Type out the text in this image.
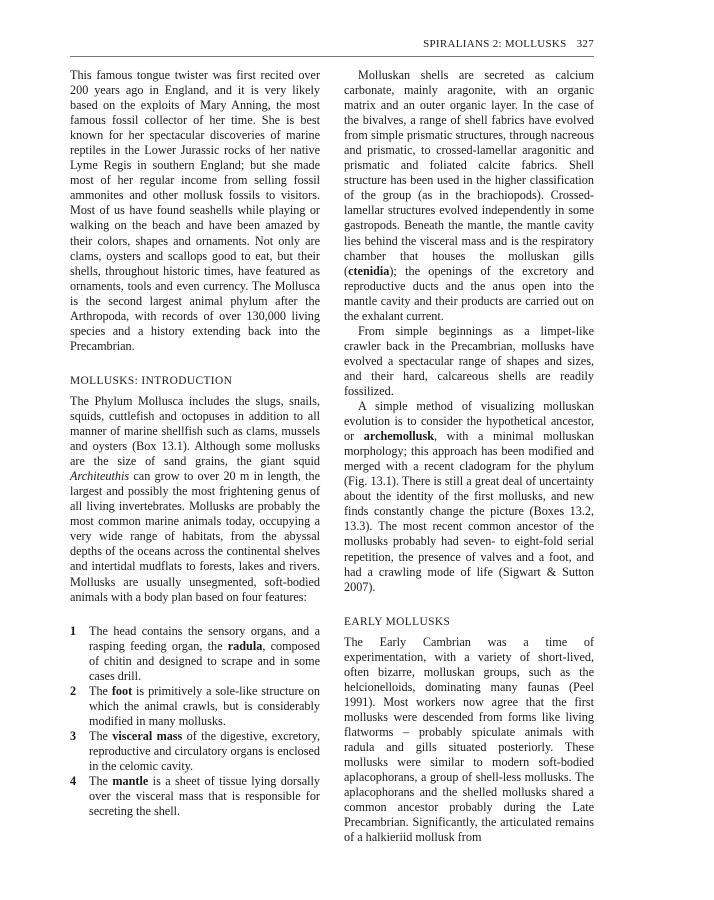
SPIRALIANS 2: MOLLUSKS 327

This famous tongue twister was first recited over 200 years ago in England, and it is very likely based on the exploits of Mary Anning, the most famous fossil collector of her time. She is best known for her spectacular discoveries of marine reptiles in the Lower Jurassic rocks of her native Lyme Regis in southern England; but she made most of her regular income from selling fossil ammonites and other mollusk fossils to visitors. Most of us have found seashells while playing or walking on the beach and have been amazed by their colors, shapes and ornaments. Not only are clams, oysters and scallops good to eat, but their shells, throughout historic times, have featured as ornaments, tools and even currency. The Mollusca is the second largest animal phylum after the Arthropoda, with records of over 130,000 living species and a history extending back into the Precambrian.

MOLLUSKS: INTRODUCTION

The Phylum Mollusca includes the slugs, snails, squids, cuttlefish and octopuses in addition to all manner of marine shellfish such as clams, mussels and oysters (Box 13.1). Although some mollusks are the size of sand grains, the giant squid Architeuthis can grow to over 20 m in length, the largest and possibly the most frightening genus of all living invertebrates. Mollusks are probably the most common marine animals today, occupying a very wide range of habitats, from the abyssal depths of the oceans across the continental shelves and intertidal mudflats to forests, lakes and rivers. Mollusks are usually unsegmented, soft-bodied animals with a body plan based on four features:

1 The head contains the sensory organs, and a rasping feeding organ, the radula, composed of chitin and designed to scrape and in some cases drill.
2 The foot is primitively a sole-like structure on which the animal crawls, but is considerably modified in many mollusks.
3 The visceral mass of the digestive, excretory, reproductive and circulatory organs is enclosed in the celomic cavity.
4 The mantle is a sheet of tissue lying dorsally over the visceral mass that is responsible for secreting the shell.

Molluskan shells are secreted as calcium carbonate, mainly aragonite, with an organic matrix and an outer organic layer. In the case of the bivalves, a range of shell fabrics have evolved from simple prismatic structures, through nacreous and prismatic, to crossed-lamellar aragonitic and prismatic and foliated calcite fabrics. Shell structure has been used in the higher classification of the group (as in the brachiopods). Crossed-lamellar structures evolved independently in some gastropods. Beneath the mantle, the mantle cavity lies behind the visceral mass and is the respiratory chamber that houses the molluskan gills (ctenidia); the openings of the excretory and reproductive ducts and the anus open into the mantle cavity and their products are carried out on the exhalant current.

From simple beginnings as a limpet-like crawler back in the Precambrian, mollusks have evolved a spectacular range of shapes and sizes, and their hard, calcareous shells are readily fossilized.

A simple method of visualizing molluskan evolution is to consider the hypothetical ancestor, or archemollusk, with a minimal molluskan morphology; this approach has been modified and merged with a recent cladogram for the phylum (Fig. 13.1). There is still a great deal of uncertainty about the identity of the first mollusks, and new finds constantly change the picture (Boxes 13.2, 13.3). The most recent common ancestor of the mollusks probably had seven- to eight-fold serial repetition, the presence of valves and a foot, and had a crawling mode of life (Sigwart & Sutton 2007).

EARLY MOLLUSKS

The Early Cambrian was a time of experimentation, with a variety of short-lived, often bizarre, molluskan groups, such as the helcionelloids, dominating many faunas (Peel 1991). Most workers now agree that the first mollusks were descended from forms like living flatworms – probably spiculate animals with radula and gills situated posteriorly. These mollusks were similar to modern soft-bodied aplacophorans, a group of shell-less mollusks. The aplacophorans and the shelled mollusks shared a common ancestor probably during the Late Precambrian. Significantly, the articulated remains of a halkieriid mollusk from
